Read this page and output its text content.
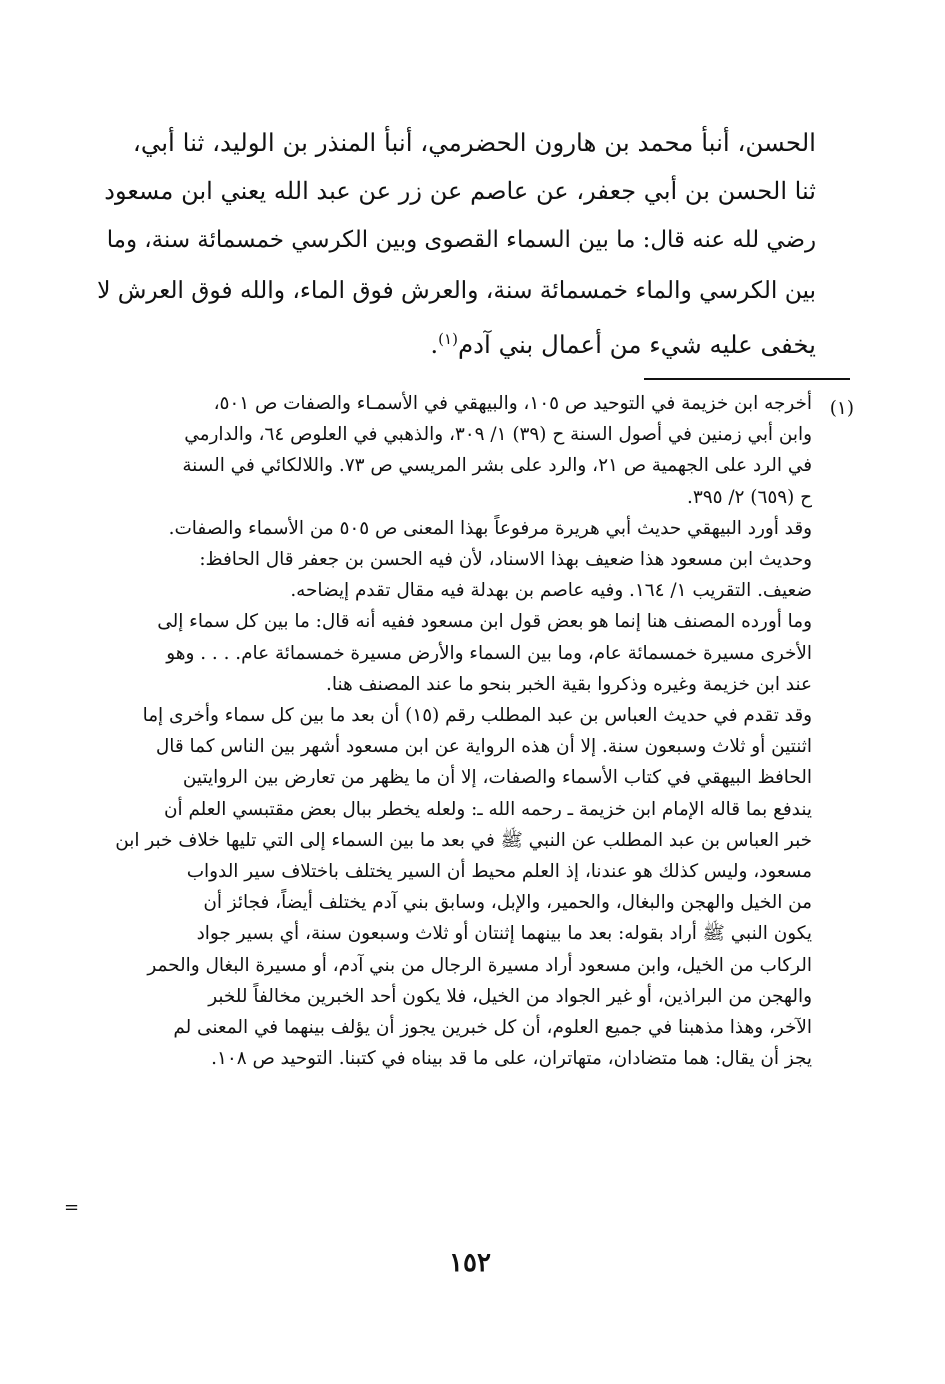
الحسن، أنبأ محمد بن هارون الحضرمي، أنبأ المنذر بن الوليد، ثنا أبي،
ثنا الحسن بن أبي جعفر، عن عاصم عن زر عن عبد الله يعني ابن مسعود
رضي لله عنه قال: ما بين السماء القصوى وبين الكرسي خمسمائة سنة، وما
بين الكرسي والماء خمسمائة سنة، والعرش فوق الماء، والله فوق العرش لا
يخفى عليه شيء من أعمال بني آدم$^{(١)}$.
(١)
أخرجه ابن خزيمة في التوحيد ص ١٠٥، والبيهقي في الأسمـاء والصفات ص ٥٠١،
وابن أبي زمنين في أصول السنة ح (٣٩) ١/ ٣٠٩، والذهبي في العلوص ٦٤، والدارمي
في الرد على الجهمية ص ٢١، والرد على بشر المريسي ص ٧٣. واللالكائي في السنة
ح (٦٥٩) ٢/ ٣٩٥.
وقد أورد البيهقي حديث أبي هريرة مرفوعاً بهذا المعنى ص ٥٠٥ من الأسماء والصفات.
وحديث ابن مسعود هذا ضعيف بهذا الاسناد، لأن فيه الحسن بن جعفر قال الحافظ:
ضعيف. التقريب ١/ ١٦٤. وفيه عاصم بن بهدلة فيه مقال تقدم إيضاحه.
وما أورده المصنف هنا إنما هو بعض قول ابن مسعود ففيه أنه قال: ما بين كل سماء إلى
الأخرى مسيرة خمسمائة عام، وما بين السماء والأرض مسيرة خمسمائة عام. . . . وهو
عند ابن خزيمة وغيره وذكروا بقية الخبر بنحو ما عند المصنف هنا.
وقد تقدم في حديث العباس بن عبد المطلب رقم (١٥) أن بعد ما بين كل سماء وأخرى إما
اثنتين أو ثلاث وسبعون سنة. إلا أن هذه الرواية عن ابن مسعود أشهر بين الناس كما قال
الحافظ البيهقي في كتاب الأسماء والصفات، إلا أن ما يظهر من تعارض بين الروايتين
يندفع بما قاله الإمام ابن خزيمة ـ رحمه الله ـ: ولعله يخطر ببال بعض مقتبسي العلم أن
خبر العباس بن عبد المطلب عن النبي ﷺ في بعد ما بين السماء إلى التي تليها خلاف خبر ابن
مسعود، وليس كذلك هو عندنا، إذ العلم محيط أن السير يختلف باختلاف سير الدواب
من الخيل والهجن والبغال، والحمير، والإبل، وسابق بني آدم يختلف أيضاً، فجائز أن
يكون النبي ﷺ أراد بقوله: بعد ما بينهما إثنتان أو ثلاث وسبعون سنة، أي بسير جواد
الركاب من الخيل، وابن مسعود أراد مسيرة الرجال من بني آدم، أو مسيرة البغال والحمر
والهجن من البراذين، أو غير الجواد من الخيل، فلا يكون أحد الخبرين مخالفاً للخبر
الآخر، وهذا مذهبنا في جميع العلوم، أن كل خبرين يجوز أن يؤلف بينهما في المعنى لم
يجز أن يقال: هما متضادان، متهاتران، على ما قد بيناه في كتبنا. التوحيد ص ١٠٨.
=
١٥٢
